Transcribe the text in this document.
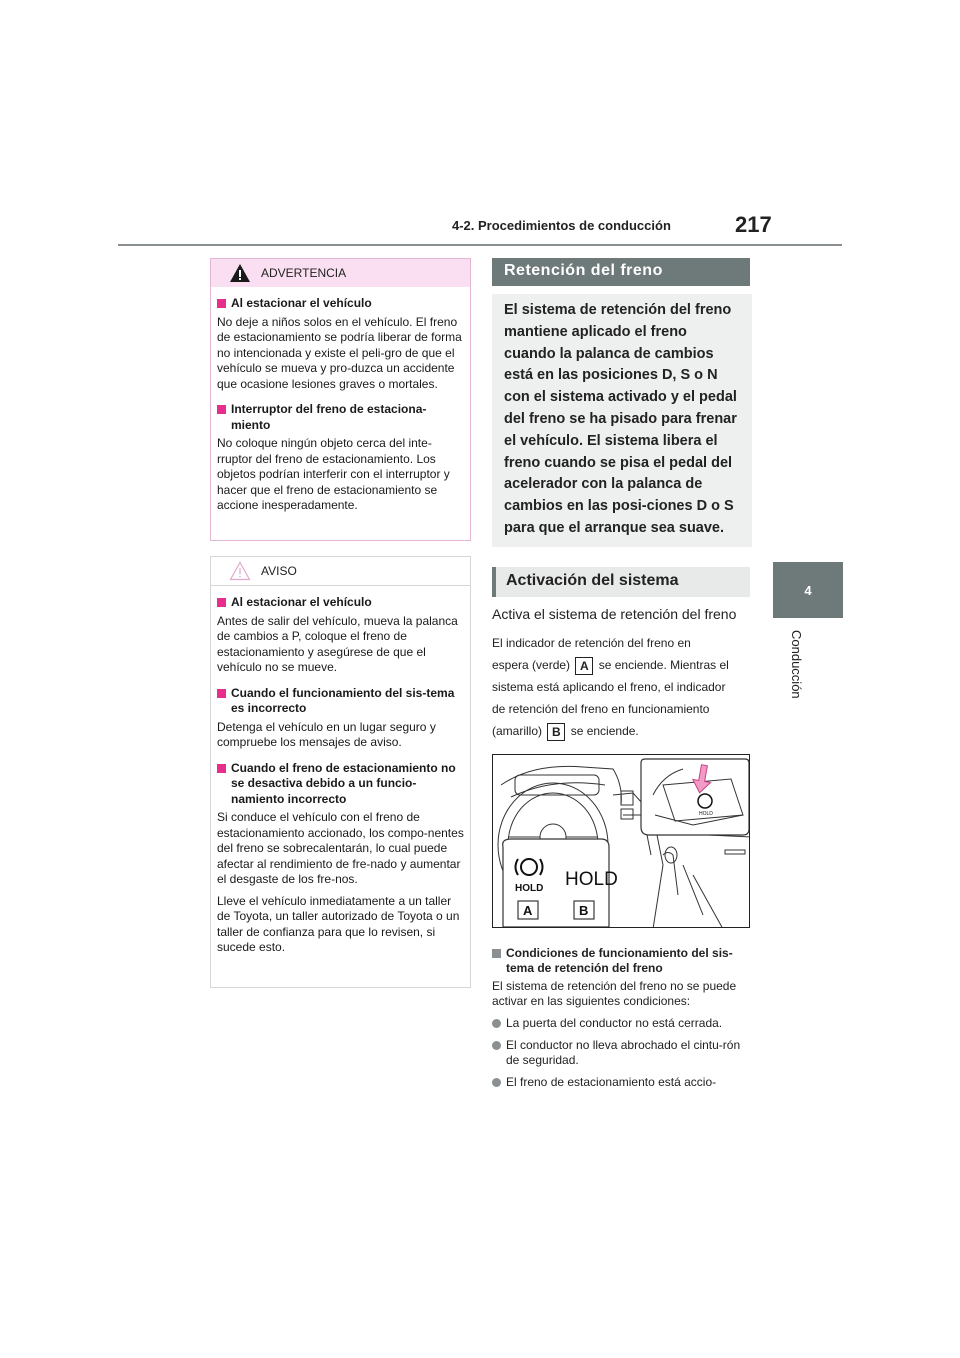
4-2. Procedimientos de conducción	217
4
Conducción
ADVERTENCIA
Al estacionar el vehículo
No deje a niños solos en el vehículo. El freno de estacionamiento se podría liberar de forma no intencionada y existe el peli-gro de que el vehículo se mueva y pro-duzca un accidente que ocasione lesiones graves o mortales.
Interruptor del freno de estaciona-miento
No coloque ningún objeto cerca del inte-rruptor del freno de estacionamiento. Los objetos podrían interferir con el interruptor y hacer que el freno de estacionamiento se accione inesperadamente.
AVISO
Al estacionar el vehículo
Antes de salir del vehículo, mueva la palanca de cambios a P, coloque el freno de estacionamiento y asegúrese de que el vehículo no se mueve.
Cuando el funcionamiento del sis-tema es incorrecto
Detenga el vehículo en un lugar seguro y compruebe los mensajes de aviso.
Cuando el freno de estacionamiento no se desactiva debido a un funcio-namiento incorrecto
Si conduce el vehículo con el freno de estacionamiento accionado, los compo-nentes del freno se sobrecalentarán, lo cual puede afectar al rendimiento de fre-nado y aumentar el desgaste de los fre-nos.
Lleve el vehículo inmediatamente a un taller de Toyota, un taller autorizado de Toyota o un taller de confianza para que lo revisen, si sucede esto.
Retención del freno

El sistema de retención del freno mantiene aplicado el freno cuando la palanca de cambios está en las posiciones D, S o N con el sistema activado y el pedal del freno se ha pisado para frenar el vehículo. El sistema libera el freno cuando se pisa el pedal del acelerador con la palanca de cambios en las posi-ciones D o S para que el arranque sea suave.

Activación del sistema
Activa el sistema de retención del freno
El indicador de retención del freno en
espera (verde) A se enciende. Mientras el
sistema está aplicando el freno, el indicador
de retención del freno en funcionamiento
(amarillo) B se enciende.
HOLD HOLD
A	B
HOLD
Condiciones de funcionamiento del sis-tema de retención del freno
El sistema de retención del freno no se puede activar en las siguientes condiciones:
La puerta del conductor no está cerrada.
El conductor no lleva abrochado el cintu-rón de seguridad.
El freno de estacionamiento está accio-
